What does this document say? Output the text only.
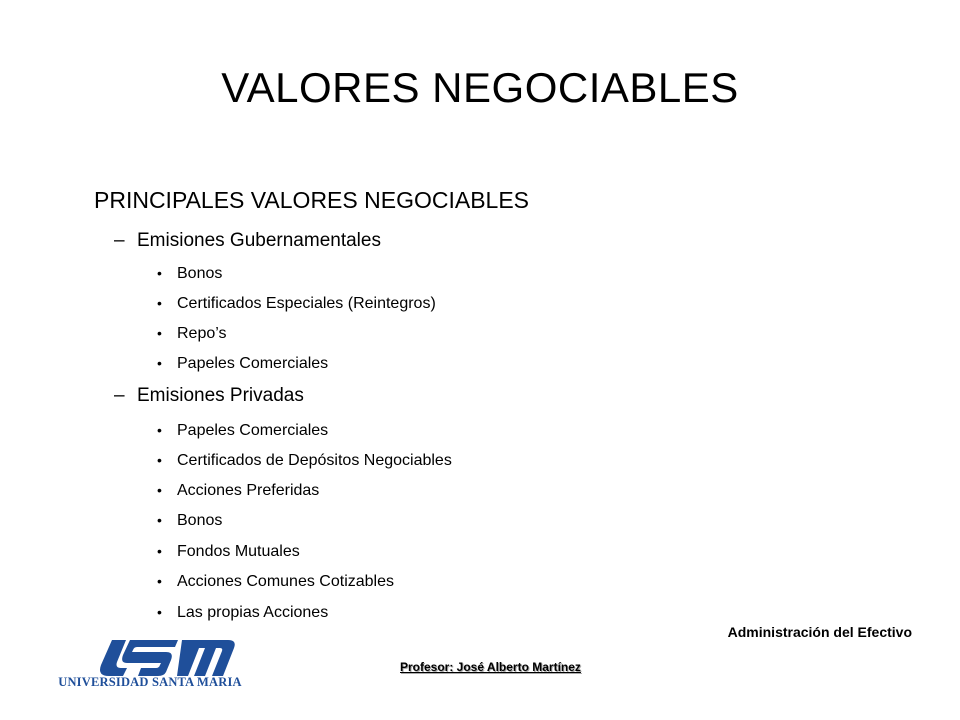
VALORES NEGOCIABLES
PRINCIPALES VALORES NEGOCIABLES
– Emisiones Gubernamentales
• Bonos
• Certificados Especiales (Reintegros)
• Repo’s
• Papeles Comerciales
– Emisiones Privadas
• Papeles Comerciales
• Certificados de Depósitos Negociables
• Acciones Preferidas
• Bonos
• Fondos Mutuales
• Acciones Comunes Cotizables
• Las propias Acciones
Administración del Efectivo
Profesor: José Alberto Martínez
UNIVERSIDAD SANTA MARIA
